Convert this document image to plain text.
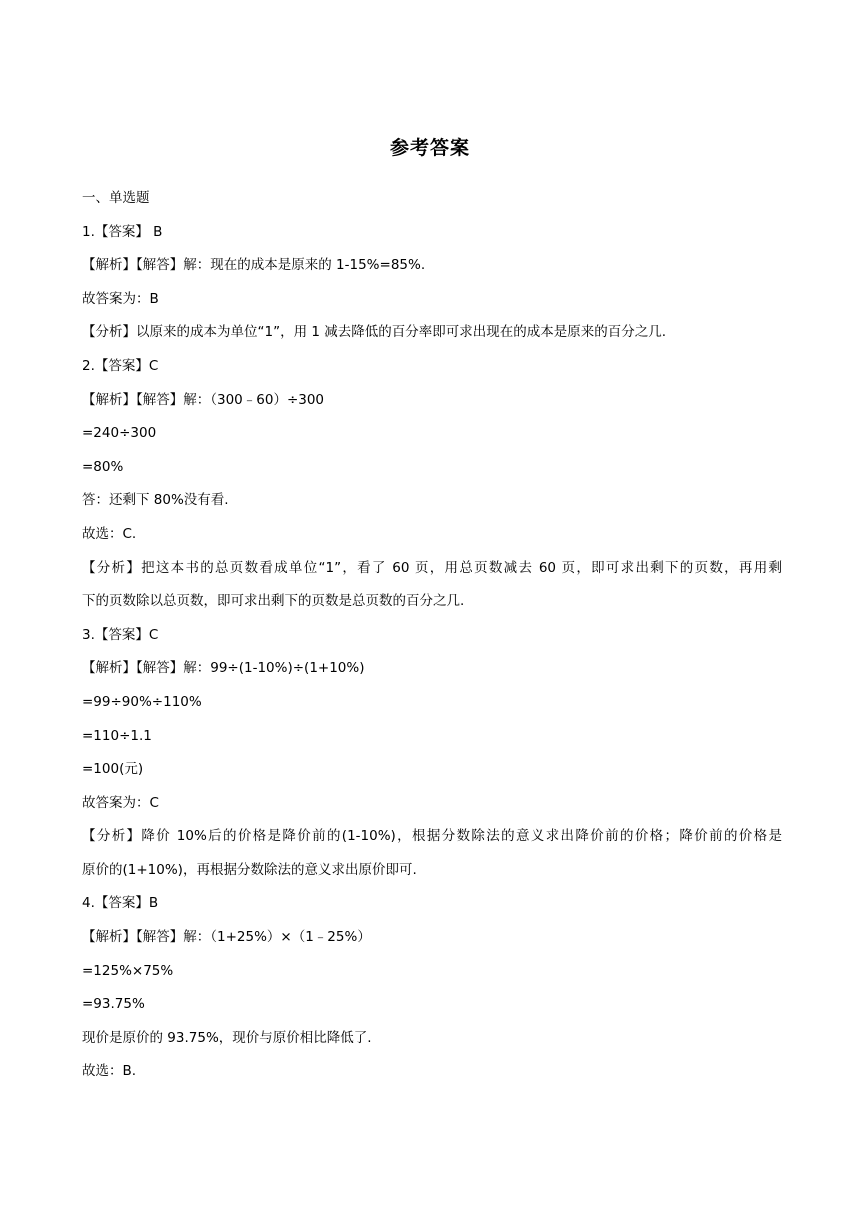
参考答案
一、单选题
1.【答案】 B
【解析】【解答】解：现在的成本是原来的 1-15%=85%.
故答案为：B
【分析】以原来的成本为单位“1”，用 1 减去降低的百分率即可求出现在的成本是原来的百分之几.
2.【答案】C
【解析】【解答】解：（300﹣60）÷300
=240÷300
=80%
答：还剩下 80%没有看.
故选：C.
【分析】把这本书的总页数看成单位“1”，看了 60 页，用总页数减去 60 页，即可求出剩下的页数，再用剩
下的页数除以总页数，即可求出剩下的页数是总页数的百分之几.
3.【答案】C
【解析】【解答】解：99÷(1-10%)÷(1+10%)
=99÷90%÷110%
=110÷1.1
=100(元)
故答案为：C
【分析】降价 10%后的价格是降价前的(1-10%)，根据分数除法的意义求出降价前的价格；降价前的价格是
原价的(1+10%)，再根据分数除法的意义求出原价即可.
4.【答案】B
【解析】【解答】解：（1+25%）×（1﹣25%）
=125%×75%
=93.75%
现价是原价的 93.75%，现价与原价相比降低了.
故选：B.
